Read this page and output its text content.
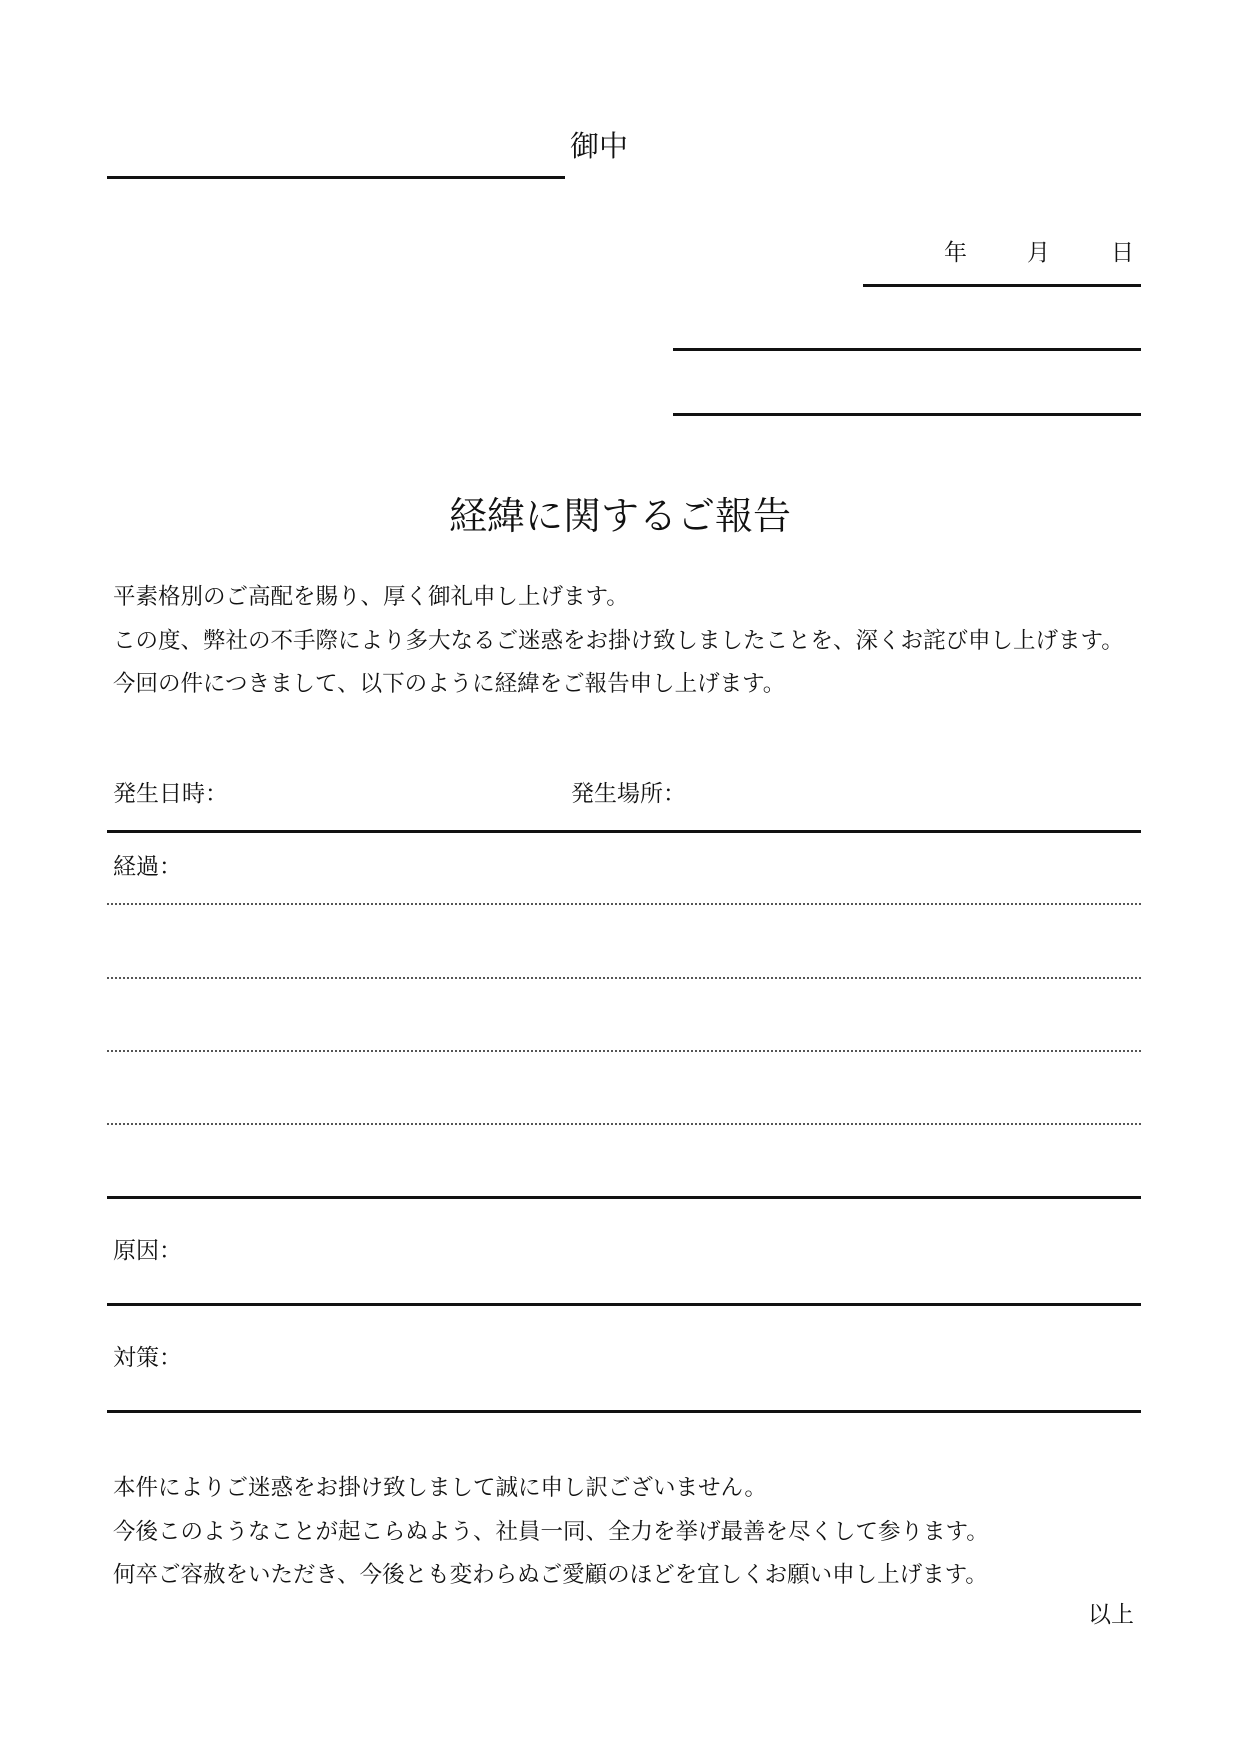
御中
年	月	日
経緯に関するご報告
平素格別のご高配を賜り、厚く御礼申し上げます。
この度、弊社の不手際により多大なるご迷惑をお掛け致しましたことを、深くお詫び申し上げます。
今回の件につきまして、以下のように経緯をご報告申し上げます。
発生日時：	発生場所：
経過：
原因：
対策：
本件によりご迷惑をお掛け致しまして誠に申し訳ございません。
今後このようなことが起こらぬよう、社員一同、全力を挙げ最善を尽くして参ります。
何卒ご容赦をいただき、今後とも変わらぬご愛顧のほどを宜しくお願い申し上げます。
以上
